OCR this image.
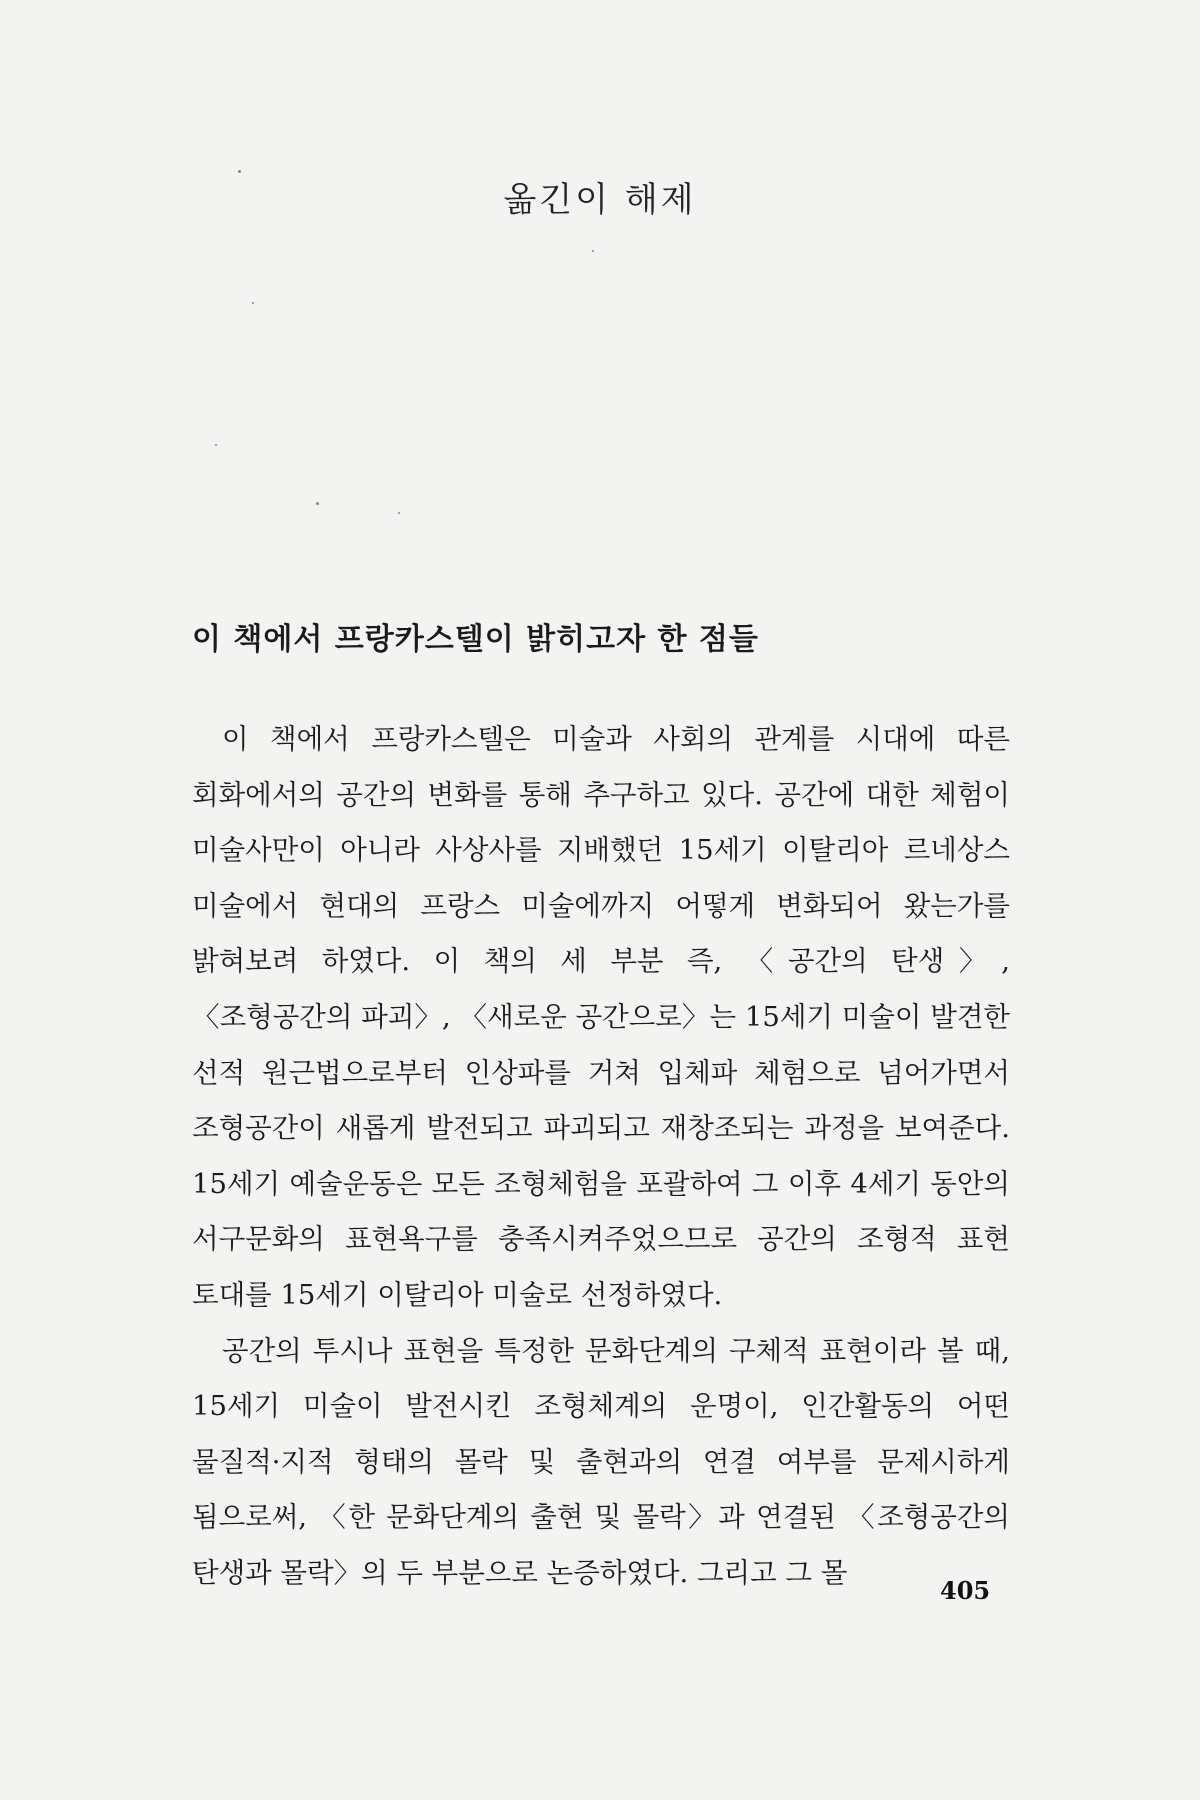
옮긴이 해제
이 책에서 프랑카스텔이 밝히고자 한 점들

이 책에서 프랑카스텔은 미술과 사회의 관계를 시대에 따른 회화에서의 공간의 변화를 통해 추구하고 있다. 공간에 대한 체험이 미술사만이 아니라 사상사를 지배했던 15세기 이탈리아 르네상스 미술에서 현대의 프랑스 미술에까지 어떻게 변화되어 왔는가를 밝혀보려 하였다. 이 책의 세 부분 즉, 〈공간의 탄생〉, 〈조형공간의 파괴〉, 〈새로운 공간으로〉는 15세기 미술이 발견한 선적 원근법으로부터 인상파를 거쳐 입체파 체험으로 넘어가면서 조형공간이 새롭게 발전되고 파괴되고 재창조되는 과정을 보여준다. 15세기 예술운동은 모든 조형체험을 포괄하여 그 이후 4세기 동안의 서구문화의 표현욕구를 충족시켜주었으므로 공간의 조형적 표현 토대를 15세기 이탈리아 미술로 선정하였다.

공간의 투시나 표현을 특정한 문화단계의 구체적 표현이라 볼 때, 15세기 미술이 발전시킨 조형체계의 운명이, 인간활동의 어떤 물질적·지적 형태의 몰락 및 출현과의 연결 여부를 문제시하게 됨으로써, 〈한 문화단계의 출현 및 몰락〉과 연결된 〈조형공간의 탄생과 몰락〉의 두 부분으로 논증하였다. 그리고 그 몰

405
